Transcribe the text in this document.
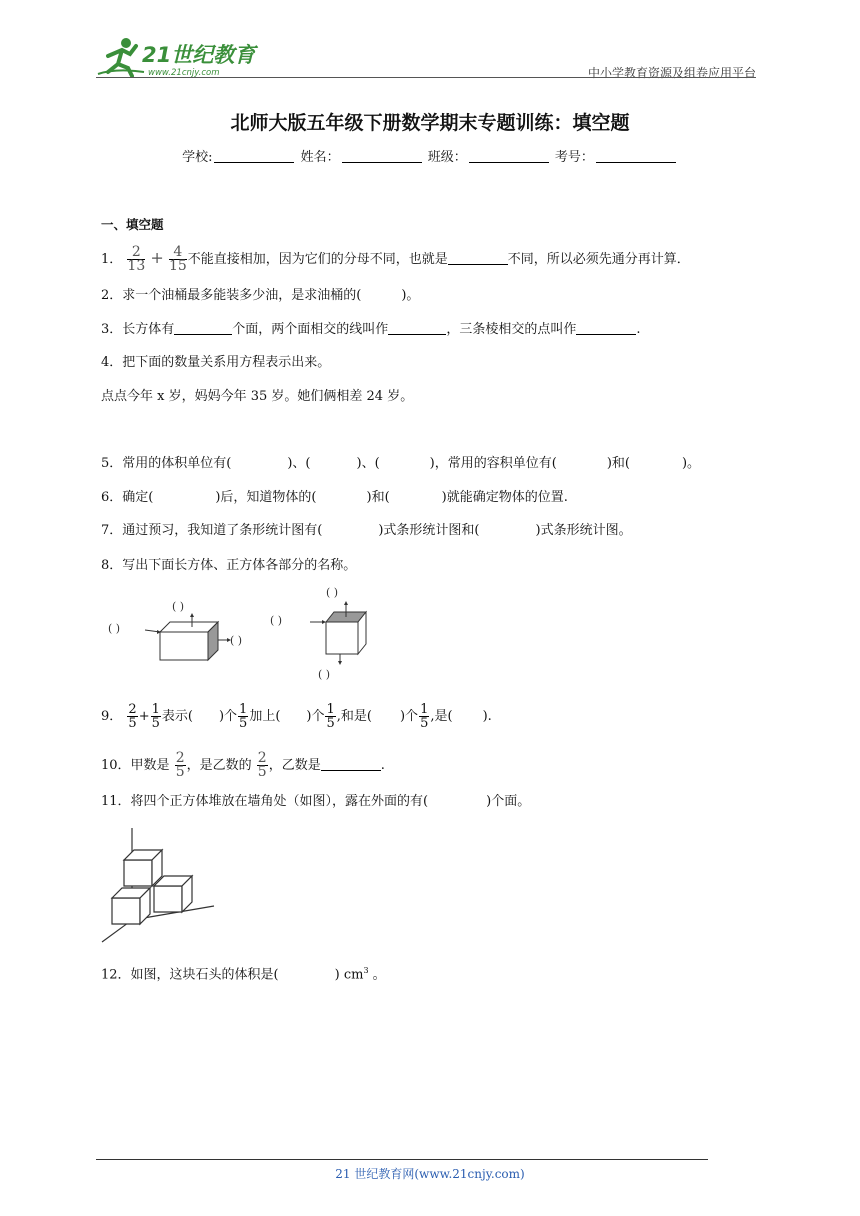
21世纪教育
www.21cnjy.com	中小学教育资源及组卷应用平台
北师大版五年级下册数学期末专题训练：填空题
学校:	姓名：	班级：	考号：
一、填空题
1． $\frac{2}{13} + \frac{4}{15}$ 不能直接相加，因为它们的分母不同，也就是	不同，所以必须先通分再计算．
2．求一个油桶最多能装多少油，是求油桶的(	)。
3．长方体有	个面，两个面相交的线叫作	，三条棱相交的点叫作	.
4．把下面的数量关系用方程表示出来。
点点今年 x 岁，妈妈今年 35 岁。她们俩相差 24 岁。
5．常用的体积单位有(	)、(	)、(	)，常用的容积单位有(	)和(	)。
6．确定(	)后，知道物体的(	)和(	)就能确定物体的位置.
7．通过预习，我知道了条形统计图有(	)式条形统计图和(	)式条形统计图。
8．写出下面长方体、正方体各部分的名称。
( )
( )
( )
( )
( )
( )
9． $\frac{2}{5} + \frac{1}{5}$ 表示( )个 $\frac{1}{5}$ 加上( )个 $\frac{1}{5}$ ,和是( )个 $\frac{1}{5}$ ,是( ).
10．甲数是 $\frac{2}{5}$ ，是乙数的 $\frac{2}{5}$ ，乙数是	.
11．将四个正方体堆放在墙角处（如图），露在外面的有(	)个面。
12．如图，这块石头的体积是(	) $cm^3$ 。
21 世纪教育网(www.21cnjy.com)
